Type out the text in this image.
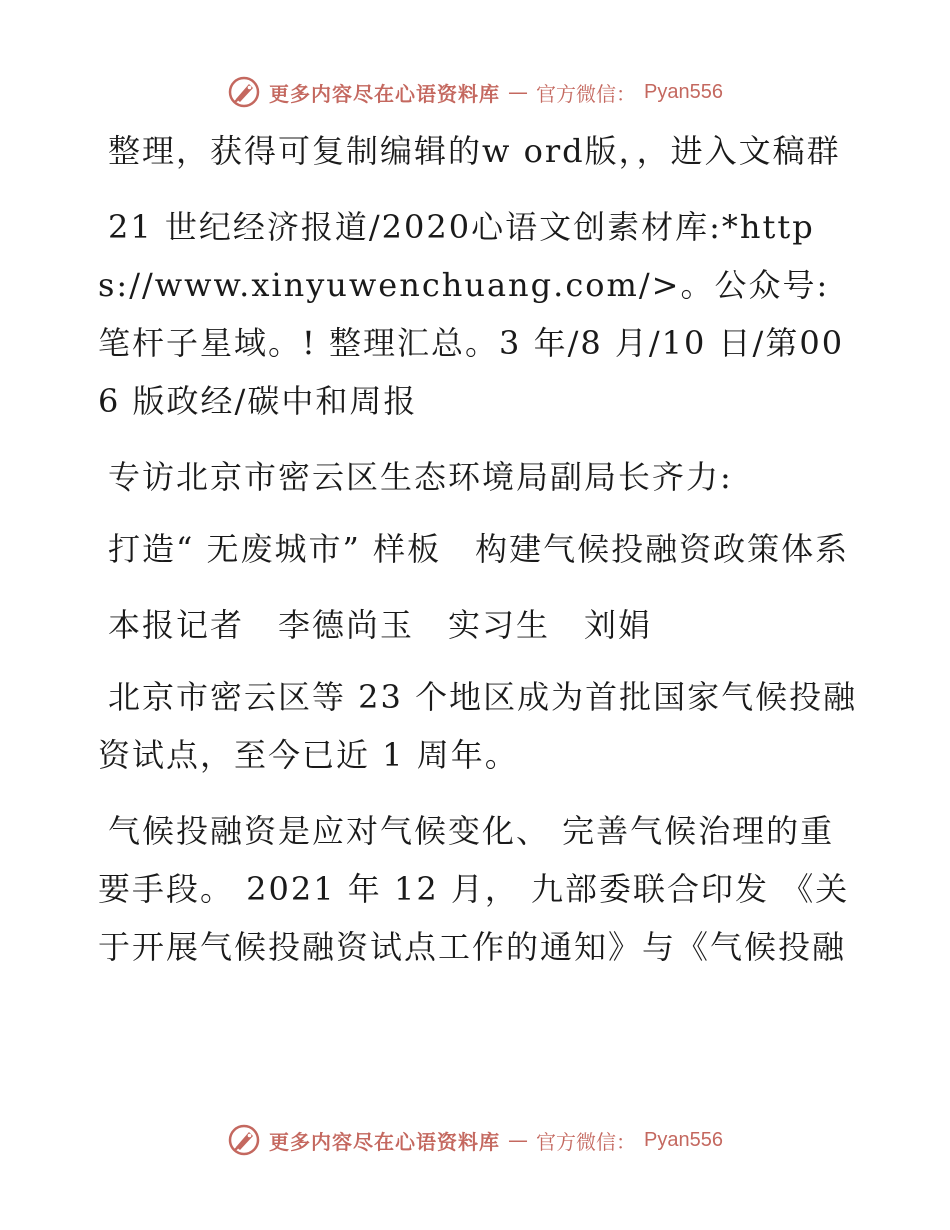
更多内容尽在心语资料库 — 官方微信： Pyan556

整理，获得可复制编辑的w ord版，，进入文稿群

21 世纪经济报道/2020心语文创素材库:*https://www.xinyuwenchuang.com/>。公众号:笔杆子星域。! 整理汇总。3 年/8 月/10 日/第006 版政经/碳中和周报

专访北京市密云区生态环境局副局长齐力:

打造“ 无废城市” 样板　构建气候投融资政策体系

本报记者　李德尚玉　实习生　刘娟

北京市密云区等 23 个地区成为首批国家气候投融资试点，至今已近 1 周年。

气候投融资是应对气候变化、 完善气候治理的重要手段。 2021 年 12 月， 九部委联合印发 《关于开展气候投融资试点工作的通知》与《气候投融

更多内容尽在心语资料库 — 官方微信： Pyan556
